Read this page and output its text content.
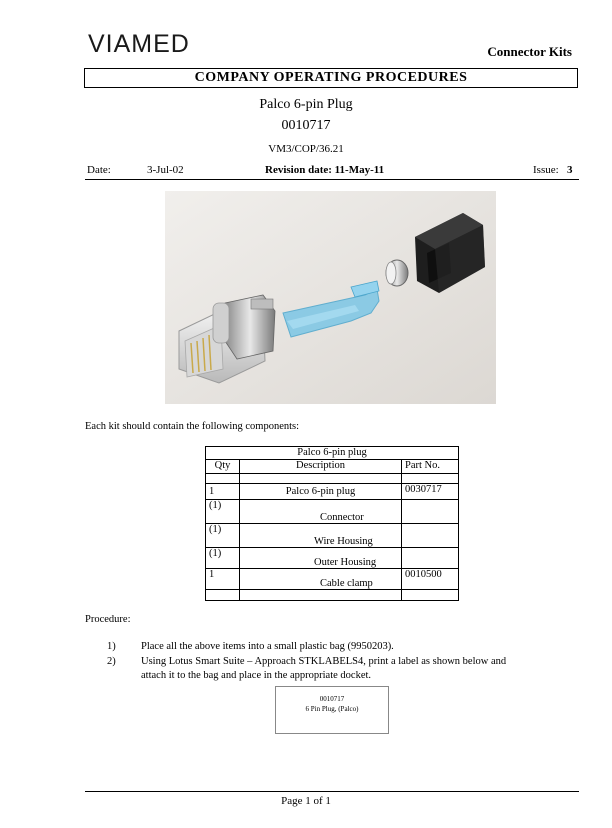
VIAMED	Connector Kits
COMPANY OPERATING PROCEDURES
Palco 6-pin Plug
0010717
VM3/COP/36.21
Date:	3-Jul-02	Revision date: 11-May-11	Issue: 3
Each kit should contain the following components:
Palco 6-pin plug		
Qty	Description	Part No.

1	Palco 6-pin plug	0030717
(1)	Connector	
(1)	Wire Housing	
(1)	Outer Housing	
1	Cable clamp	0010500

Procedure:
1) Place all the above items into a small plastic bag (9950203).
2) Using Lotus Smart Suite – Approach STKLABELS4, print a label as shown below and
attach it to the bag and place in the appropriate docket.
0010717
6 Pin Plug, (Palco)
Page 1 of 1
